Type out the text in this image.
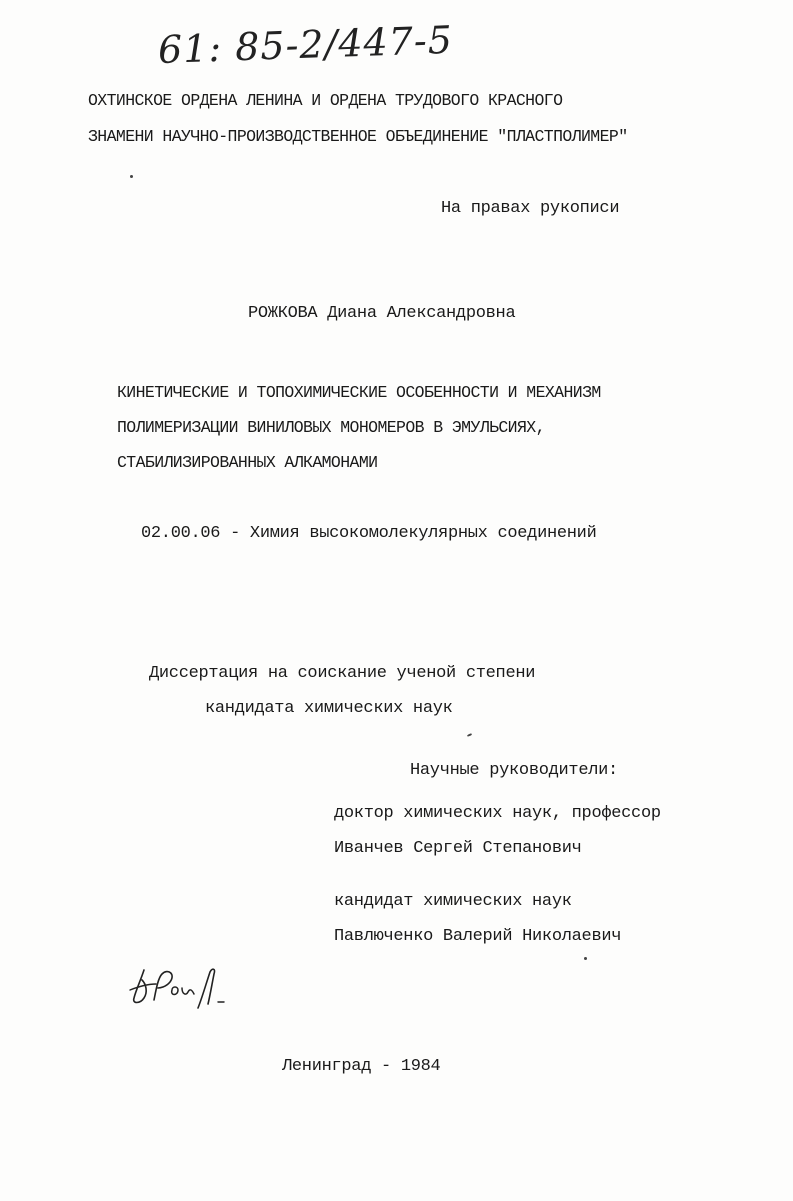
61: 85-2/447-5
ОХТИНСКОЕ ОРДЕНА ЛЕНИНА И ОРДЕНА ТРУДОВОГО КРАСНОГО
ЗНАМЕНИ НАУЧНО-ПРОИЗВОДСТВЕННОЕ ОБЪЕДИНЕНИЕ "ПЛАСТПОЛИМЕР"
На правах рукописи
РОЖКОВА Диана Александровна
КИНЕТИЧЕСКИЕ И ТОПОХИМИЧЕСКИЕ ОСОБЕННОСТИ И МЕХАНИЗМ
ПОЛИМЕРИЗАЦИИ ВИНИЛОВЫХ МОНОМЕРОВ В ЭМУЛЬСИЯХ,
СТАБИЛИЗИРОВАННЫХ АЛКАМОНАМИ
02.00.06 - Химия высокомолекулярных соединений
Диссертация на соискание ученой степени
кандидата химических наук
Научные руководители:
доктор химических наук, профессор
Иванчев Сергей Степанович
кандидат химических наук
Павлюченко Валерий Николаевич
Ленинград - 1984
